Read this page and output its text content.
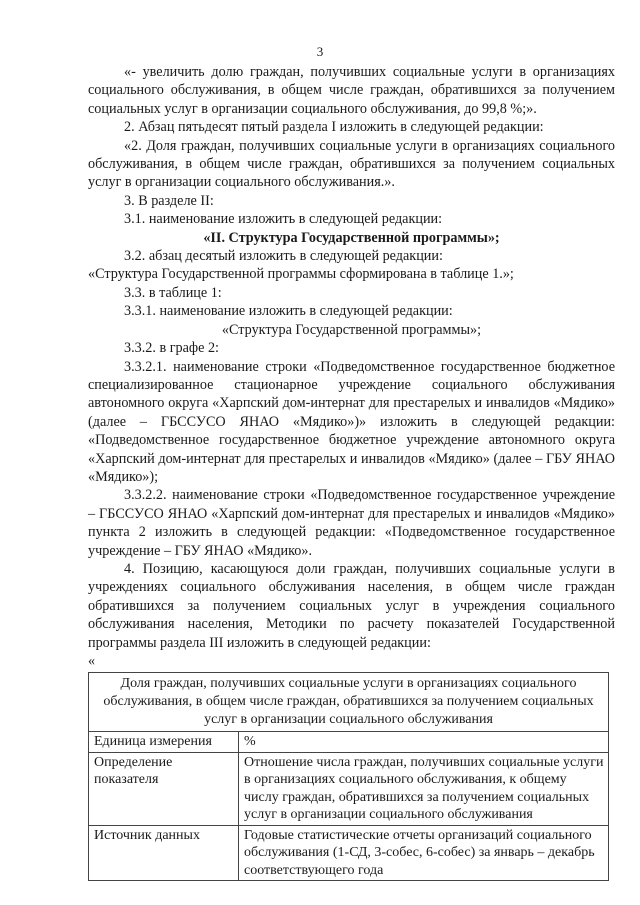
3

«- увеличить долю граждан, получивших социальные услуги в организациях социального обслуживания, в общем числе граждан, обратившихся за получением социальных услуг в организации социального обслуживания, до 99,8 %;».

2. Абзац пятьдесят пятый раздела I изложить в следующей редакции:

«2. Доля граждан, получивших социальные услуги в организациях социального обслуживания, в общем числе граждан, обратившихся за получением социальных услуг в организации социального обслуживания.».

3. В разделе II:

3.1. наименование изложить в следующей редакции:

«II. Структура Государственной программы»;

3.2. абзац десятый изложить в следующей редакции:

«Структура Государственной программы сформирована в таблице 1.»;

3.3. в таблице 1:

3.3.1. наименование изложить в следующей редакции:

«Структура Государственной программы»;

3.3.2. в графе 2:

3.3.2.1. наименование строки «Подведомственное государственное бюджетное специализированное стационарное учреждение социального обслуживания автономного округа «Харпский дом-интернат для престарелых и инвалидов «Мядико» (далее – ГБССУСО ЯНАО «Мядико»)» изложить в следующей редакции: «Подведомственное государственное бюджетное учреждение автономного округа «Харпский дом-интернат для престарелых и инвалидов «Мядико» (далее – ГБУ ЯНАО «Мядико»);

3.3.2.2. наименование строки «Подведомственное государственное учреждение – ГБССУСО ЯНАО «Харпский дом-интернат для престарелых и инвалидов «Мядико» пункта 2 изложить в следующей редакции: «Подведомственное государственное учреждение – ГБУ ЯНАО «Мядико».

4. Позицию, касающуюся доли граждан, получивших социальные услуги в учреждениях социального обслуживания населения, в общем числе граждан обратившихся за получением социальных услуг в учреждения социального обслуживания населения, Методики по расчету показателей Государственной программы раздела III изложить в следующей редакции:

«

Доля граждан, получивших социальные услуги в организациях социального обслуживания, в общем числе граждан, обратившихся за получением социальных услуг в организации социального обслуживания	
Единица измерения	%
Определение показателя	Отношение числа граждан, получивших социальные услуги в организациях социального обслуживания, к общему числу граждан, обратившихся за получением социальных услуг в организации социального обслуживания
Источник данных	Годовые статистические отчеты организаций социального обслуживания (1-СД, 3-собес, 6-собес) за январь – декабрь соответствующего года
